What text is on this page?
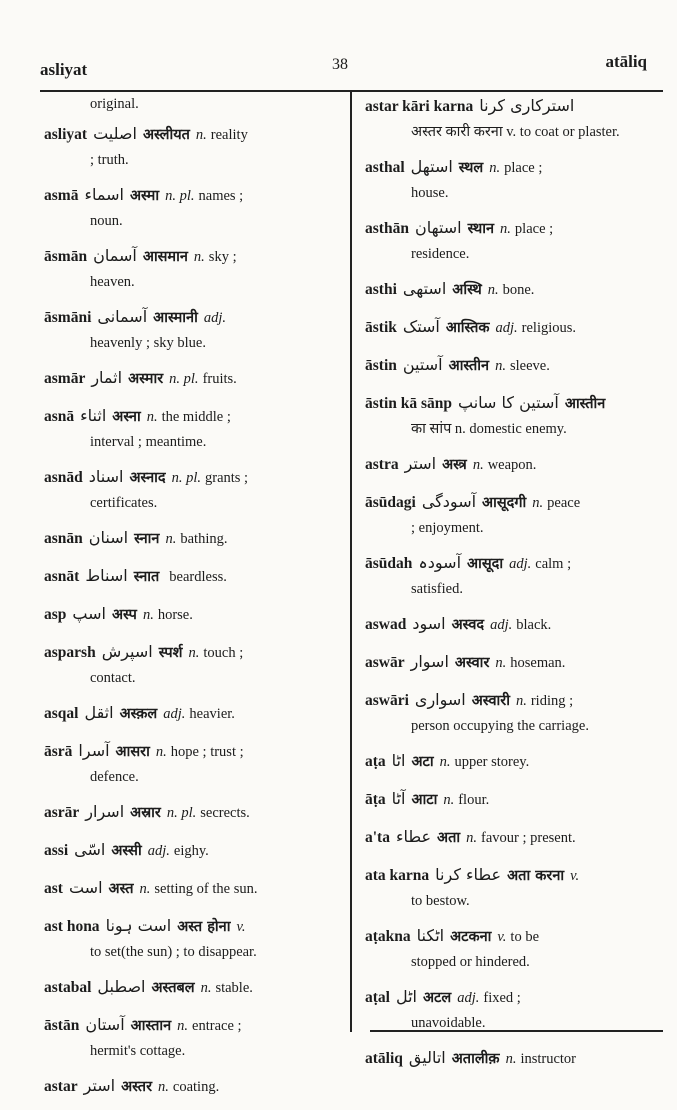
asliyat	38	atāliq
original.
asliyat اصلیت अस्लीयत n. reality
; truth.
asmā اسماء अस्मा n. pl. names ;
noun.
āsmān آسمان आसमान n. sky ;
heaven.
āsmāni آسمانی आस्मानी adj.
heavenly ; sky blue.
asmār اثمار अस्मार n. pl. fruits.
asnā اثناء अस्ना n. the middle ;
interval ; meantime.
asnād اسناد अस्नाद n. pl. grants ;
certificates.
asnān اسنان स्नान n. bathing.
asnāt اسناط स्नात beardless.
asp اسپ अस्प n. horse.
asparsh اسپرش स्पर्श n. touch ;
contact.
asqal اثقل अस्क़ल adj. heavier.
āsrā آسرا आसरा n. hope ; trust ;
defence.
asrār اسرار अस्रार n. pl. secrects.
assi اسّی अस्सी adj. eighy.
ast است अस्त n. setting of the sun.
ast hona است ہونا अस्त होना v.
to set(the sun) ; to disappear.
astabal اصطبل अस्तबल n. stable.
āstān آستان आस्तान n. entrace ;
hermit's cottage.
astar استر अस्तर n. coating.
astar kāri karna استرکاری کرنا
अस्तर कारी करना v. to coat or plaster.
asthal استھل स्थल n. place ;
house.
asthān استھان स्थान n. place ;
residence.
asthi استھی अस्थि n. bone.
āstik آستک आस्तिक adj. religious.
āstin آستین आस्तीन n. sleeve.
āstin kā sānp آستین کا سانپ आस्तीन
का सांप n. domestic enemy.
astra استر अस्त्र n. weapon.
āsūdagi آسودگی आसूदगी n. peace
; enjoyment.
āsūdah آسودہ आसूदा adj. calm ;
satisfied.
aswad اسود अस्वद adj. black.
aswār اسوار अस्वार n. hoseman.
aswāri اسواری अस्वारी n. riding ;
person occupying the carriage.
aṭa اٹا अटा n. upper storey.
āṭa آٹا आटा n. flour.
a'ta عطاء अता n. favour ; present.
ata karna عطاء کرنا अता करना v.
to bestow.
aṭakna اٹکنا अटकना v. to be
stopped or hindered.
aṭal اٹل अटल adj. fixed ;
unavoidable.
atāliq اتالیق अतालीक़ n. instructor
